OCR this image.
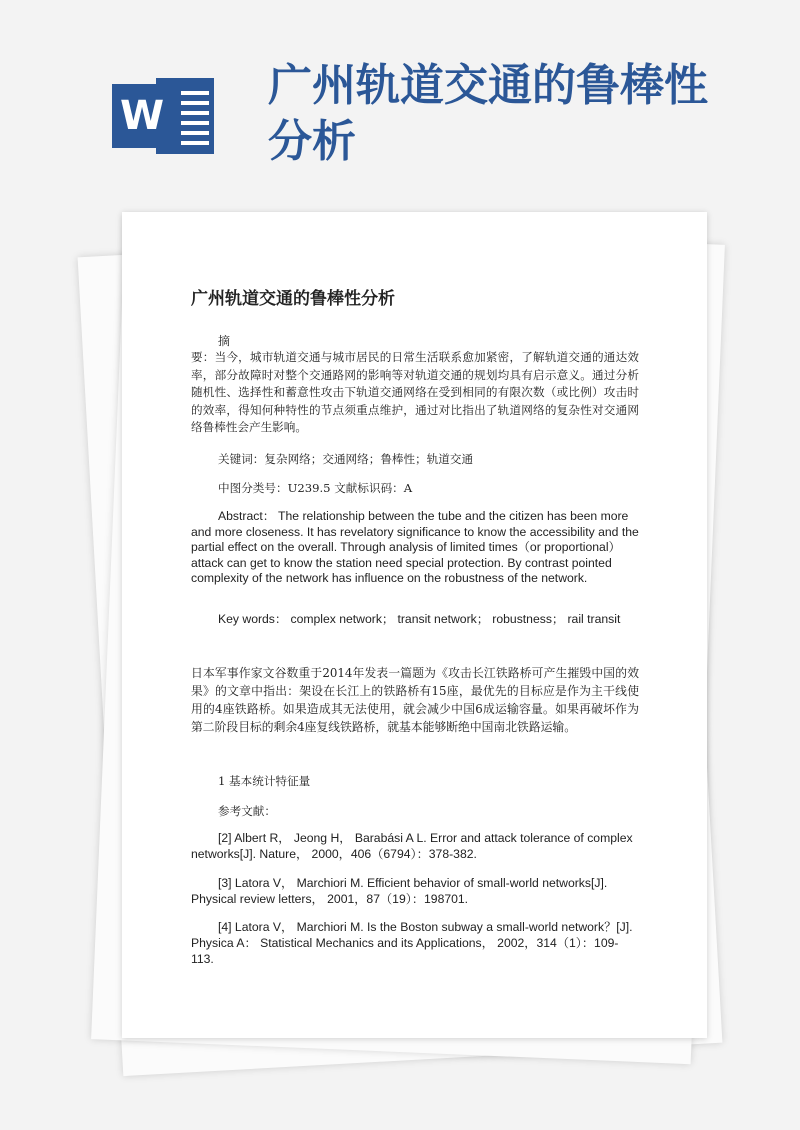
W
广州轨道交通的鲁棒性分析
广州轨道交通的鲁棒性分析
摘

要：当今，城市轨道交通与城市居民的日常生活联系愈加紧密，了解轨道交通的通达效率，部分故障时对整个交通路网的影响等对轨道交通的规划均具有启示意义。通过分析随机性、选择性和蓄意性攻击下轨道交通网络在受到相同的有限次数（或比例）攻击时的效率，得知何种特性的节点须重点维护，通过对比指出了轨道网络的复杂性对交通网络鲁棒性会产生影响。

关键词：复杂网络；交通网络；鲁棒性；轨道交通
中图分类号：U239.5 文献标识码：A

Abstract： The relationship between the tube and the citizen has been more and more closeness. It has revelatory significance to know the accessibility and the partial effect on the overall. Through analysis of limited times（or proportional）attack can get to know the station need special protection. By contrast pointed complexity of the network has influence on the robustness of the network.

Key words： complex network； transit network； robustness； rail transit

日本军事作家文谷数重于2014年发表一篇题为《攻击长江铁路桥可产生摧毁中国的效果》的文章中指出：架设在长江上的铁路桥有15座，最优先的目标应是作为主干线使用的4座铁路桥。如果造成其无法使用，就会减少中国6成运输容量。如果再破坏作为第二阶段目标的剩余4座复线铁路桥，就基本能够断绝中国南北铁路运输。

1 基本统计特征量
参考文献：

[2] Albert R， Jeong H， Barabási A L. Error and attack tolerance of complex networks[J]. Nature， 2000，406（6794）：378-382.

[3] Latora V， Marchiori M. Efficient behavior of small-world networks[J]. Physical review letters， 2001，87（19）：198701.

[4] Latora V， Marchiori M. Is the Boston subway a small-world network？[J]. Physica A： Statistical Mechanics and its Applications， 2002，314（1）：109-113.
